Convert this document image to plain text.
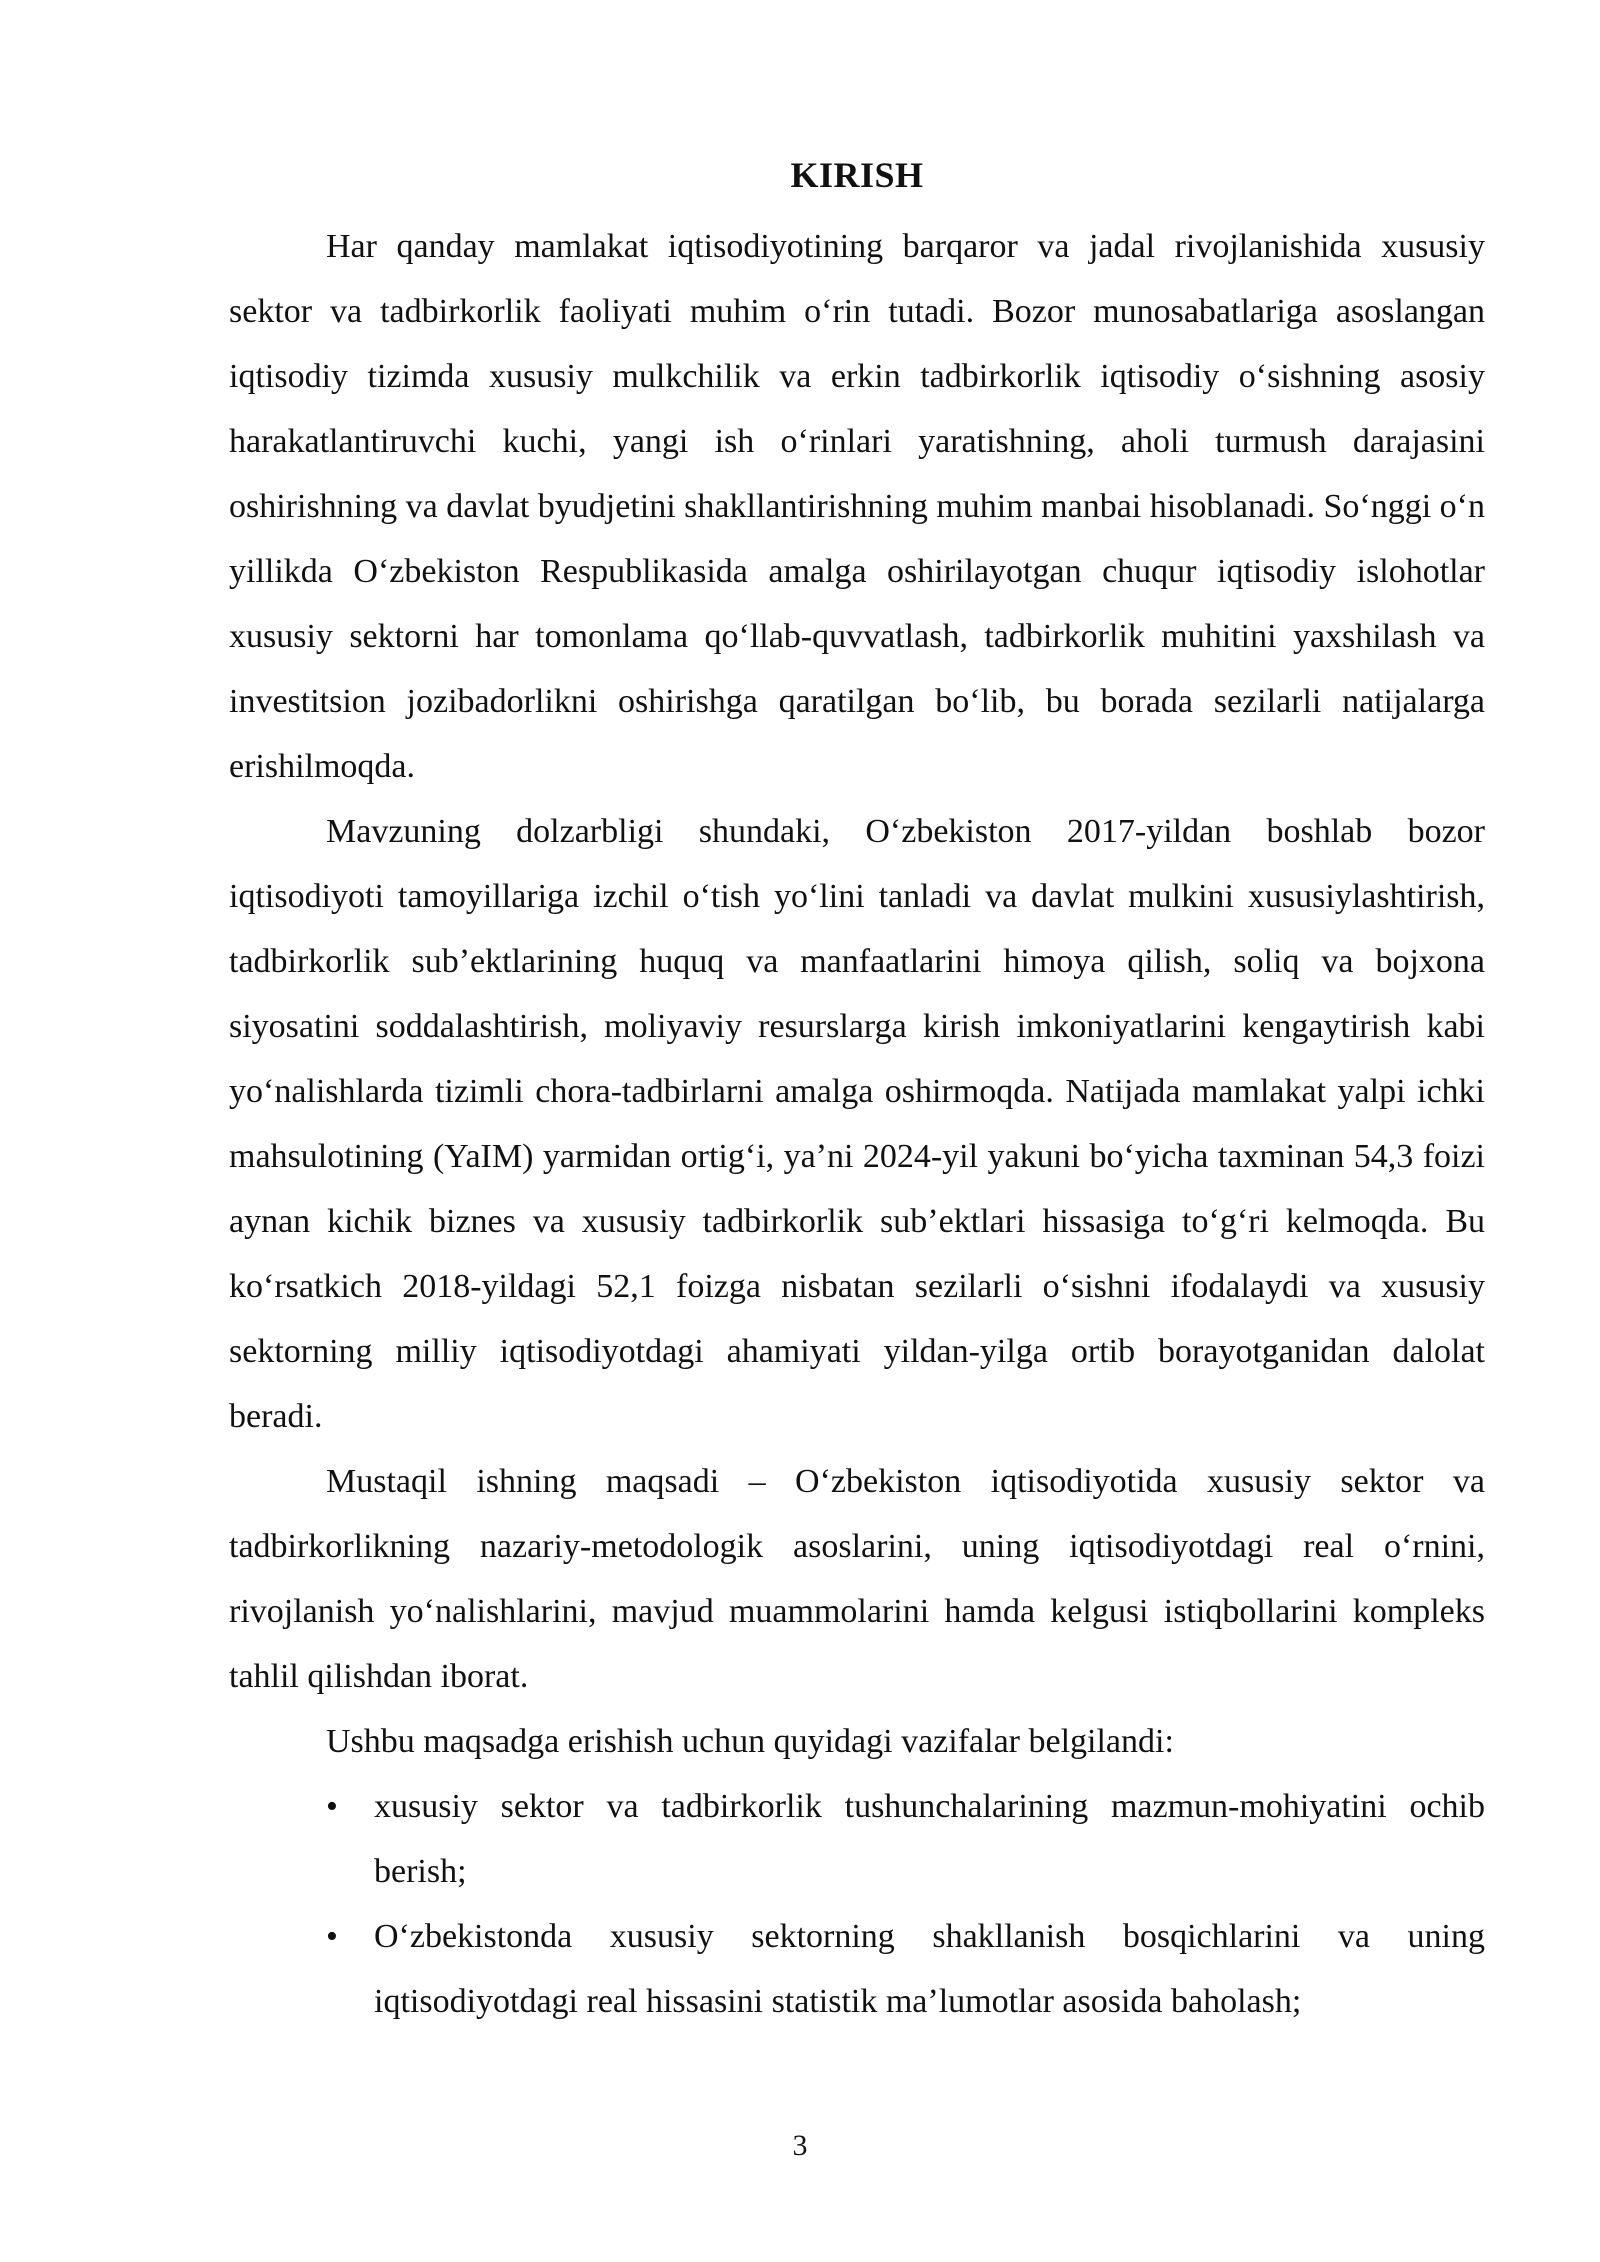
KIRISH

Har qanday mamlakat iqtisodiyotining barqaror va jadal rivojlanishida xususiy sektor va tadbirkorlik faoliyati muhim oʻrin tutadi. Bozor munosabatlariga asoslangan iqtisodiy tizimda xususiy mulkchilik va erkin tadbirkorlik iqtisodiy oʻsishning asosiy harakatlantiruvchi kuchi, yangi ish oʻrinlari yaratishning, aholi turmush darajasini oshirishning va davlat byudjetini shakllantirishning muhim manbai hisoblanadi. Soʻnggi oʻn yillikda Oʻzbekiston Respublikasida amalga oshirilayotgan chuqur iqtisodiy islohotlar xususiy sektorni har tomonlama qoʻllab-quvvatlash, tadbirkorlik muhitini yaxshilash va investitsion jozibadorlikni oshirishga qaratilgan boʻlib, bu borada sezilarli natijalarga erishilmoqda.

Mavzuning dolzarbligi shundaki, Oʻzbekiston 2017-yildan boshlab bozor iqtisodiyoti tamoyillariga izchil oʻtish yoʻlini tanladi va davlat mulkini xususiylashtirish, tadbirkorlik subʼektlarining huquq va manfaatlarini himoya qilish, soliq va bojxona siyosatini soddalashtirish, moliyaviy resurslarga kirish imkoniyatlarini kengaytirish kabi yoʻnalishlarda tizimli chora-tadbirlarni amalga oshirmoqda. Natijada mamlakat yalpi ichki mahsulotining (YaIM) yarmidan ortigʻi, yaʼni 2024-yil yakuni boʻyicha taxminan 54,3 foizi aynan kichik biznes va xususiy tadbirkorlik subʼektlari hissasiga toʻgʻri kelmoqda. Bu koʻrsatkich 2018-yildagi 52,1 foizga nisbatan sezilarli oʻsishni ifodalaydi va xususiy sektorning milliy iqtisodiyotdagi ahamiyati yildan-yilga ortib borayotganidan dalolat beradi.

Mustaqil ishning maqsadi – Oʻzbekiston iqtisodiyotida xususiy sektor va tadbirkorlikning nazariy-metodologik asoslarini, uning iqtisodiyotdagi real oʻrnini, rivojlanish yoʻnalishlarini, mavjud muammolarini hamda kelgusi istiqbollarini kompleks tahlil qilishdan iborat.

Ushbu maqsadga erishish uchun quyidagi vazifalar belgilandi:

• xususiy sektor va tadbirkorlik tushunchalarining mazmun-mohiyatini ochib berish;
• Oʻzbekistonda xususiy sektorning shakllanish bosqichlarini va uning iqtisodiyotdagi real hissasini statistik maʼlumotlar asosida baholash;
3
